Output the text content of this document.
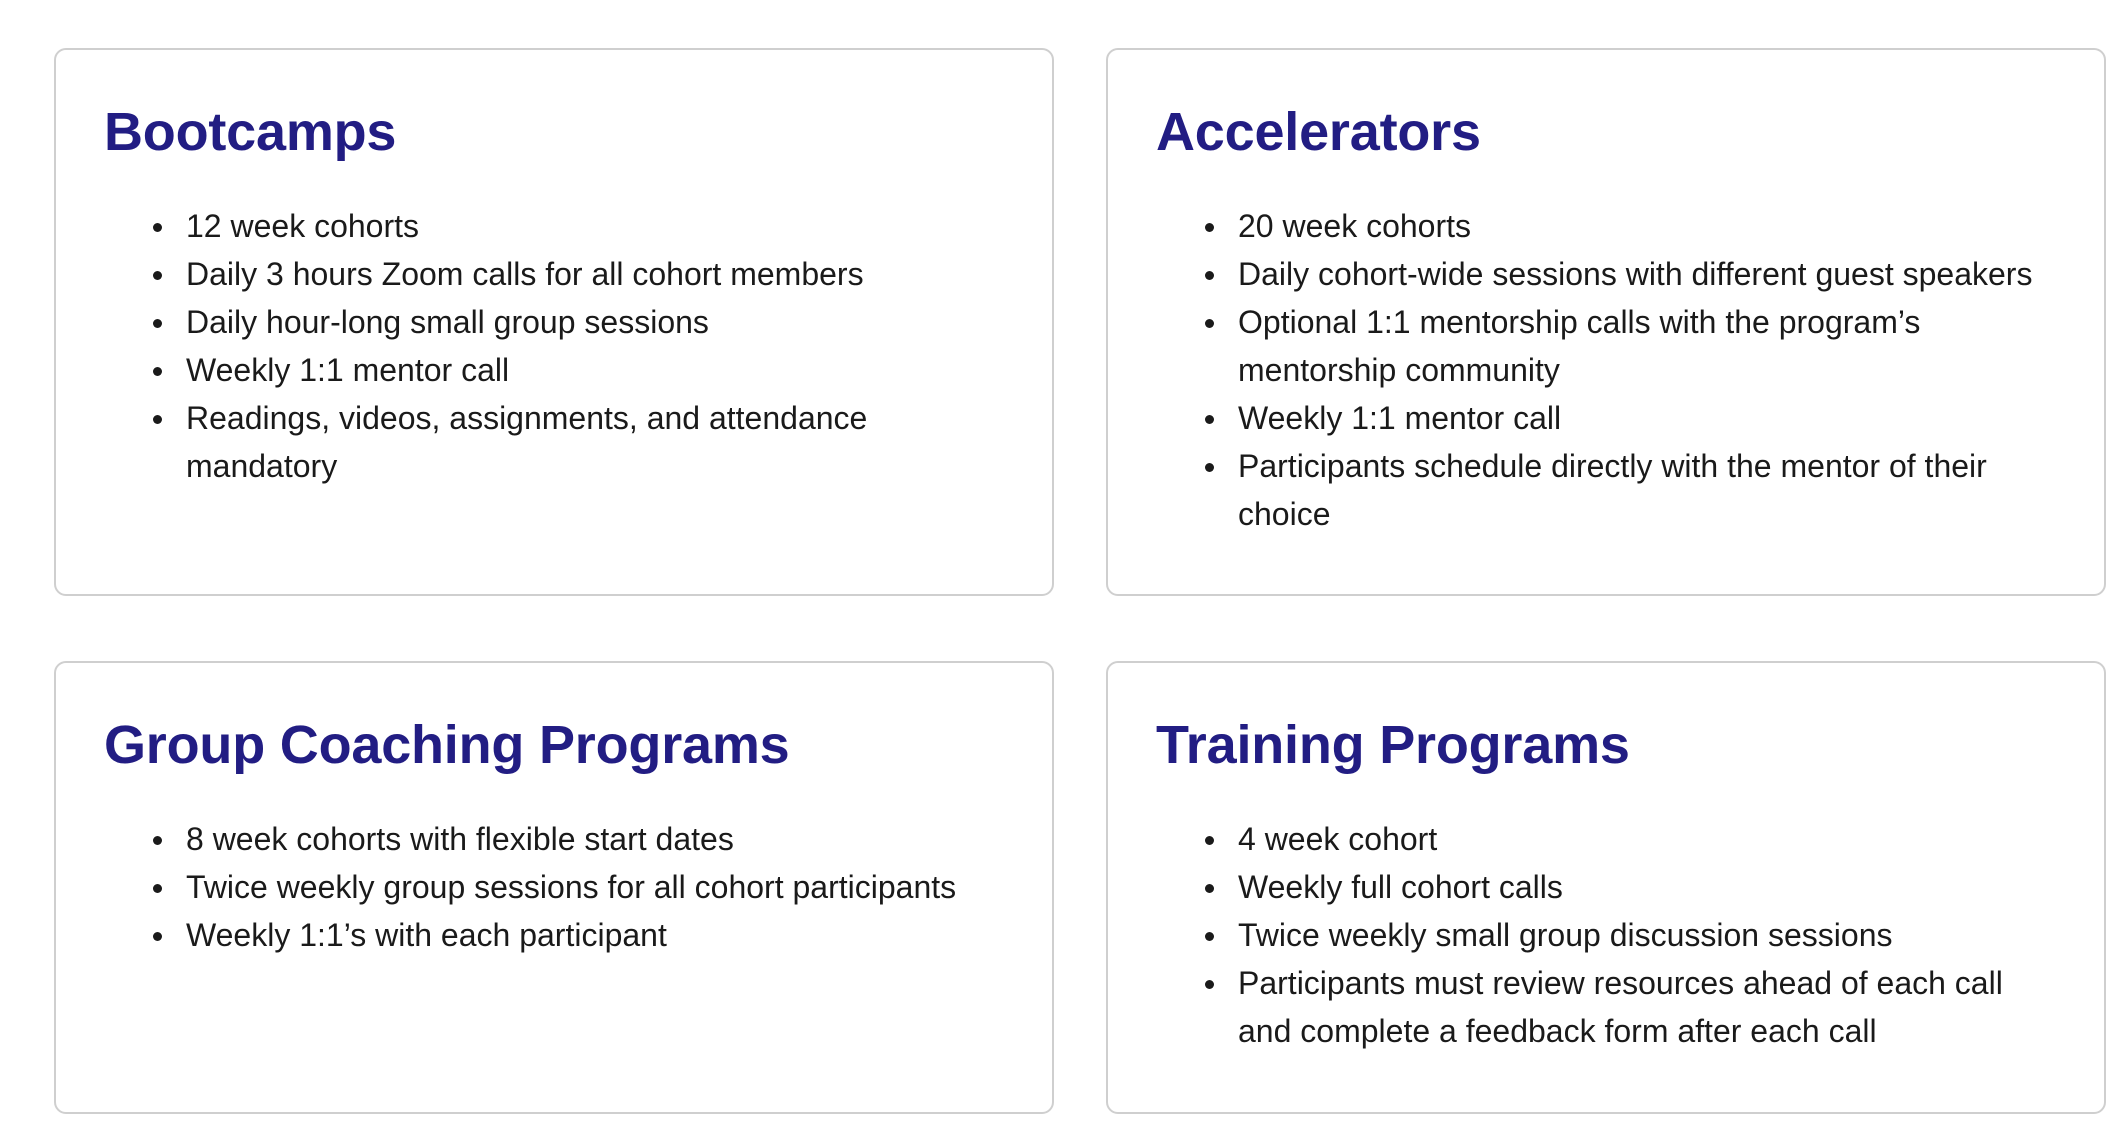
Bootcamps
12 week cohorts
Daily 3 hours Zoom calls for all cohort members
Daily hour-long small group sessions
Weekly 1:1 mentor call
Readings, videos, assignments, and attendance mandatory
Accelerators
20 week cohorts
Daily cohort-wide sessions with different guest speakers
Optional 1:1 mentorship calls with the program’s mentorship community
Weekly 1:1 mentor call
Participants schedule directly with the mentor of their choice
Group Coaching Programs
8 week cohorts with flexible start dates
Twice weekly group sessions for all cohort participants
Weekly 1:1’s with each participant
Training Programs
4 week cohort
Weekly full cohort calls
Twice weekly small group discussion sessions
Participants must review resources ahead of each call and complete a feedback form after each call
